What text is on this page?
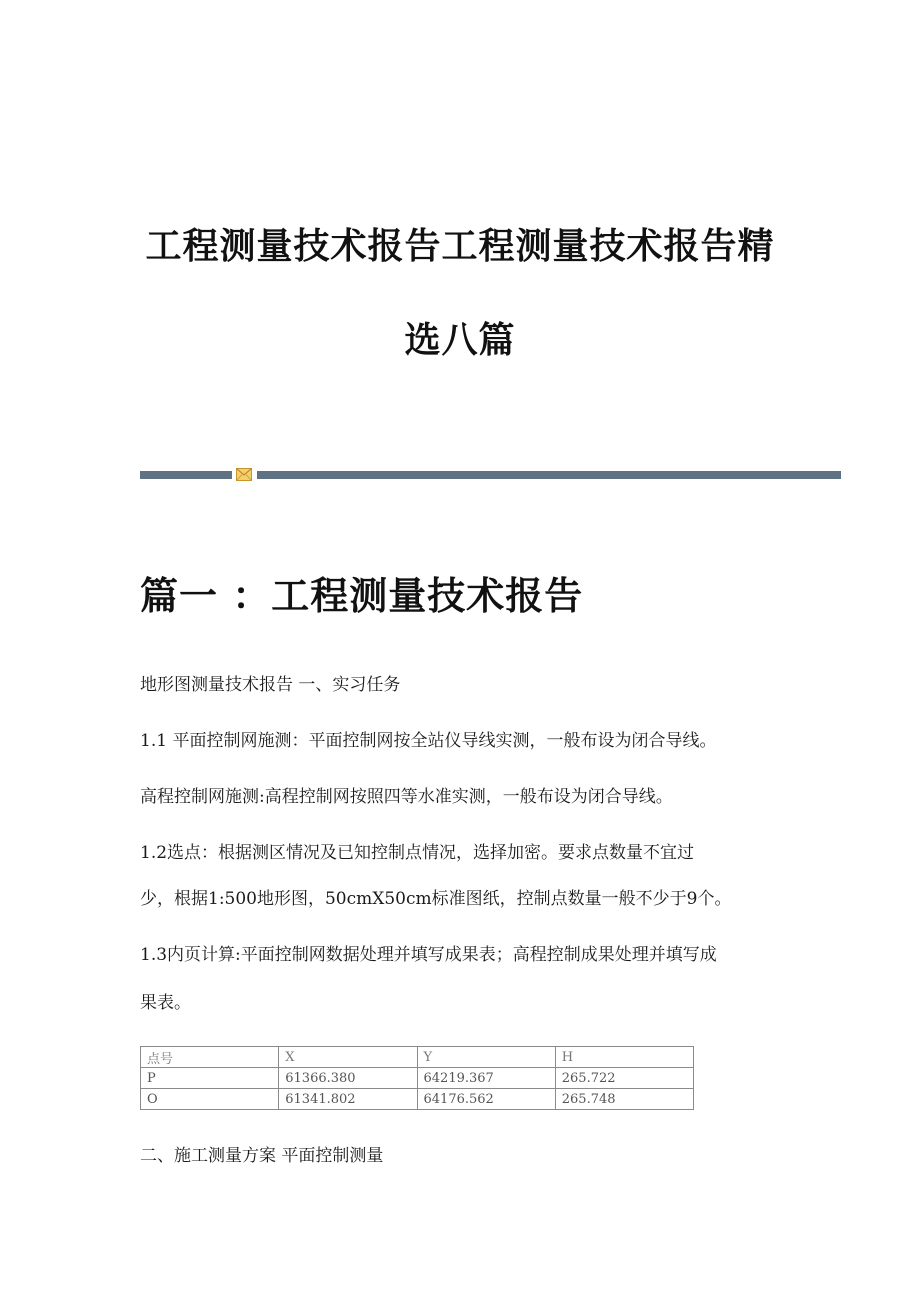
工程测量技术报告工程测量技术报告精
选八篇
篇一 ：工程测量技术报告

地形图测量技术报告 一、实习任务

1.1 平面控制网施测：平面控制网按全站仪导线实测，一般布设为闭合导线。

高程控制网施测:高程控制网按照四等水准实测，一般布设为闭合导线。

1.2选点：根据测区情况及已知控制点情况，选择加密。要求点数量不宜过

少，根据1:500地形图，50cmX50cm标准图纸，控制点数量一般不少于9个。

1.3内页计算:平面控制网数据处理并填写成果表；高程控制成果处理并填写成

果表。

点号	X	Y	H
P	61366.380	64219.367	265.722
O	61341.802	64176.562	265.748

二、施工测量方案 平面控制测量
